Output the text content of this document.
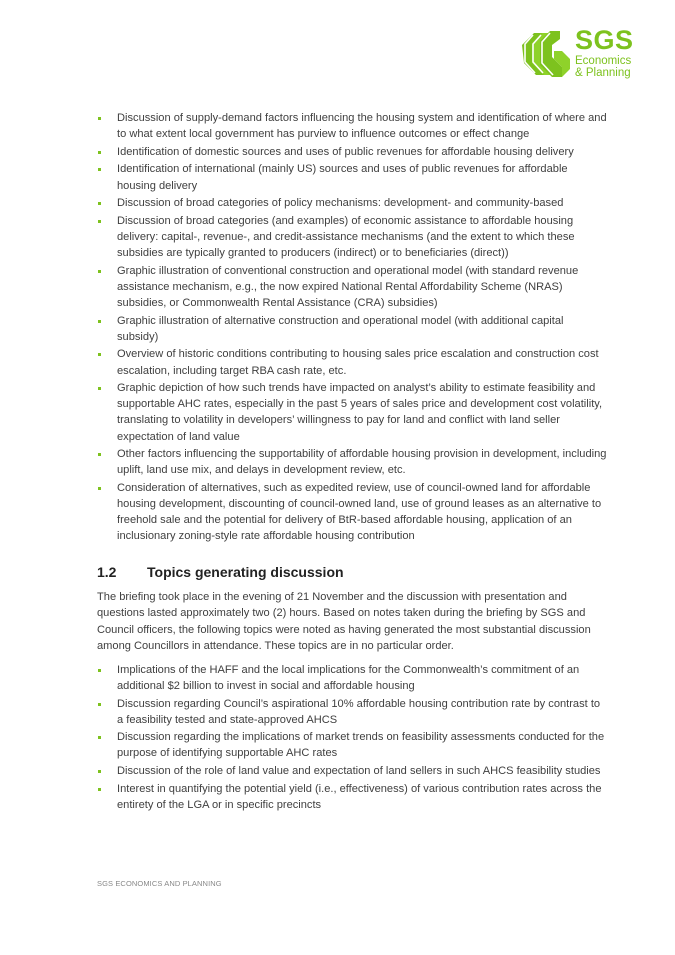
SGS
Economics
& Planning
Discussion of supply-demand factors influencing the housing system and identification of where and to what extent local government has purview to influence outcomes or effect change
Identification of domestic sources and uses of public revenues for affordable housing delivery
Identification of international (mainly US) sources and uses of public revenues for affordable housing delivery
Discussion of broad categories of policy mechanisms: development- and community-based
Discussion of broad categories (and examples) of economic assistance to affordable housing delivery: capital-, revenue-, and credit-assistance mechanisms (and the extent to which these subsidies are typically granted to producers (indirect) or to beneficiaries (direct))
Graphic illustration of conventional construction and operational model (with standard revenue assistance mechanism, e.g., the now expired National Rental Affordability Scheme (NRAS) subsidies, or Commonwealth Rental Assistance (CRA) subsidies)
Graphic illustration of alternative construction and operational model (with additional capital subsidy)
Overview of historic conditions contributing to housing sales price escalation and construction cost escalation, including target RBA cash rate, etc.
Graphic depiction of how such trends have impacted on analyst’s ability to estimate feasibility and supportable AHC rates, especially in the past 5 years of sales price and development cost volatility, translating to volatility in developers’ willingness to pay for land and conflict with land seller expectation of land value
Other factors influencing the supportability of affordable housing provision in development, including uplift, land use mix, and delays in development review, etc.
Consideration of alternatives, such as expedited review, use of council-owned land for affordable housing development, discounting of council-owned land, use of ground leases as an alternative to freehold sale and the potential for delivery of BtR-based affordable housing, application of an inclusionary zoning-style rate affordable housing contribution
1.2	Topics generating discussion

The briefing took place in the evening of 21 November and the discussion with presentation and questions lasted approximately two (2) hours. Based on notes taken during the briefing by SGS and Council officers, the following topics were noted as having generated the most substantial discussion among Councillors in attendance. These topics are in no particular order.

Implications of the HAFF and the local implications for the Commonwealth’s commitment of an additional $2 billion to invest in social and affordable housing
Discussion regarding Council’s aspirational 10% affordable housing contribution rate by contrast to a feasibility tested and state-approved AHCS
Discussion regarding the implications of market trends on feasibility assessments conducted for the purpose of identifying supportable AHC rates
Discussion of the role of land value and expectation of land sellers in such AHCS feasibility studies
Interest in quantifying the potential yield (i.e., effectiveness) of various contribution rates across the entirety of the LGA or in specific precincts
SGS ECONOMICS AND PLANNING
